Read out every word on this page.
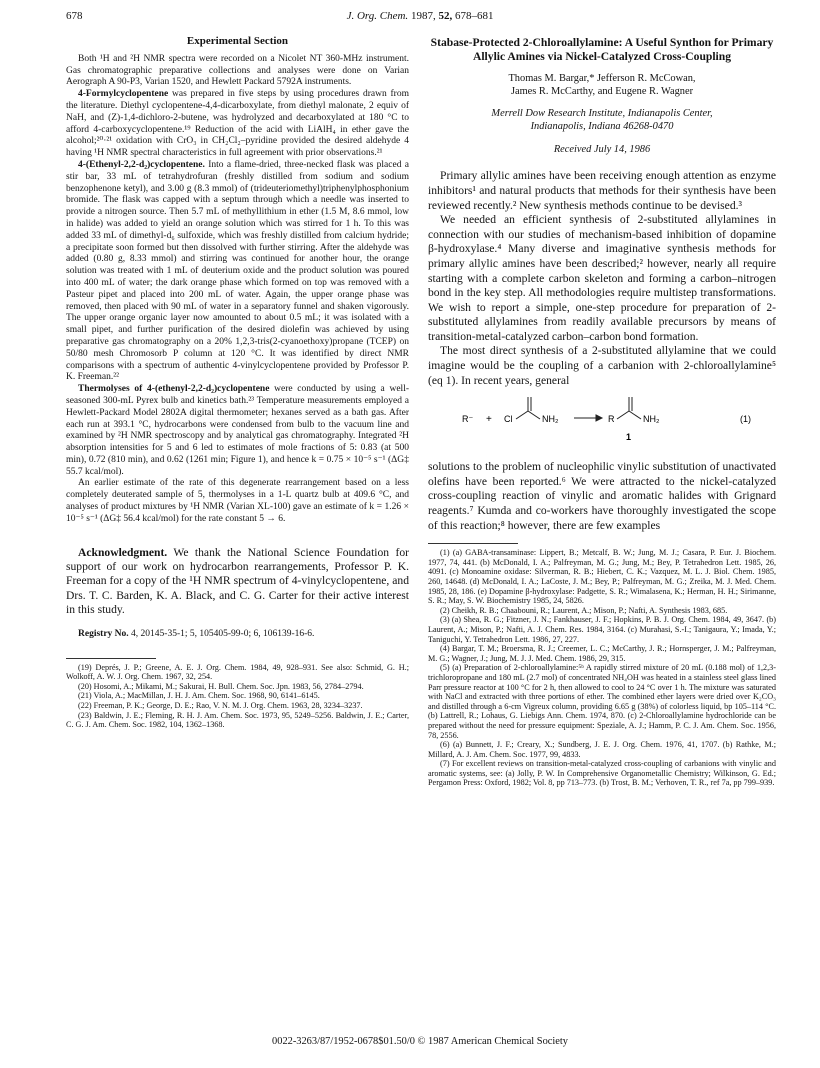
678	J. Org. Chem. 1987, 52, 678–681
Experimental Section

Both ¹H and ²H NMR spectra were recorded on a Nicolet NT 360-MHz instrument. Gas chromatographic preparative collections and analyses were done on Varian Aerograph A 90-P3, Varian 1520, and Hewlett Packard 5792A instruments.

4-Formylcyclopentene was prepared in five steps by using procedures drawn from the literature. Diethyl cyclopentene-4,4-dicarboxylate, from diethyl malonate, 2 equiv of NaH, and (Z)-1,4-dichloro-2-butene, was hydrolyzed and decarboxylated at 180 °C to afford 4-carboxycyclopentene.¹⁹ Reduction of the acid with LiAlH₄ in ether gave the alcohol;²⁰·²¹ oxidation with CrO₃ in CH₂Cl₂–pyridine provided the desired aldehyde 4 having ¹H NMR spectral characteristics in full agreement with prior observations.²¹

4-(Ethenyl-2,2-d₂)cyclopentene. Into a flame-dried, three-necked flask was placed a stir bar, 33 mL of tetrahydrofuran (freshly distilled from sodium and sodium benzophenone ketyl), and 3.00 g (8.3 mmol) of (trideuteriomethyl)triphenylphosphonium bromide. The flask was capped with a septum through which a needle was inserted to provide a nitrogen source. Then 5.7 mL of methyllithium in ether (1.5 M, 8.6 mmol, low in halide) was added to yield an orange solution which was stirred for 1 h. To this was added 33 mL of dimethyl-d₆ sulfoxide, which was freshly distilled from calcium hydride; a precipitate soon formed but then dissolved with further stirring. After the aldehyde was added (0.80 g, 8.33 mmol) and stirring was continued for another hour, the orange solution was treated with 1 mL of deuterium oxide and the product solution was poured into 400 mL of water; the dark orange phase which formed on top was removed with a Pasteur pipet and placed into 200 mL of water. Again, the upper orange phase was removed, then placed with 90 mL of water in a separatory funnel and shaken vigorously. The upper orange organic layer now amounted to about 0.5 mL; it was isolated with a small pipet, and further purification of the desired diolefin was achieved by using preparative gas chromatography on a 20% 1,2,3-tris(2-cyanoethoxy)propane (TCEP) on 50/80 mesh Chromosorb P column at 120 °C. It was identified by direct NMR comparisons with a spectrum of authentic 4-vinylcyclopentene provided by Professor P. K. Freeman.²²

Thermolyses of 4-(ethenyl-2,2-d₂)cyclopentene were conducted by using a well-seasoned 300-mL Pyrex bulb and kinetics bath.²³ Temperature measurements employed a Hewlett-Packard Model 2802A digital thermometer; hexanes served as a bath gas. After each run at 393.1 °C, hydrocarbons were condensed from bulb to the vacuum line and examined by ²H NMR spectroscopy and by analytical gas chromatography. Integrated ²H absorption intensities for 5 and 6 led to estimates of mole fractions of 5: 0.83 (at 500 min), 0.72 (810 min), and 0.62 (1261 min; Figure 1), and hence k = 0.75 × 10⁻⁵ s⁻¹ (ΔG‡ 55.7 kcal/mol).

An earlier estimate of the rate of this degenerate rearrangement based on a less completely deuterated sample of 5, thermolyses in a 1-L quartz bulb at 409.6 °C, and analyses of product mixtures by ¹H NMR (Varian XL-100) gave an estimate of k = 1.26 × 10⁻⁵ s⁻¹ (ΔG‡ 56.4 kcal/mol) for the rate constant 5 → 6.

Acknowledgment. We thank the National Science Foundation for support of our work on hydrocarbon rearrangements, Professor P. K. Freeman for a copy of the ¹H NMR spectrum of 4-vinylcyclopentene, and Drs. T. C. Barden, K. A. Black, and C. G. Carter for their active interest in this study.

Registry No. 4, 20145-35-1; 5, 105405-99-0; 6, 106139-16-6.

(19) Deprés, J. P.; Greene, A. E. J. Org. Chem. 1984, 49, 928–931. See also: Schmid, G. H.; Wolkoff, A. W. J. Org. Chem. 1967, 32, 254.
(20) Hosomi, A.; Mikami, M.; Sakurai, H. Bull. Chem. Soc. Jpn. 1983, 56, 2784–2794.
(21) Viola, A.; MacMillan, J. H. J. Am. Chem. Soc. 1968, 90, 6141–6145.
(22) Freeman, P. K.; George, D. E.; Rao, V. N. M. J. Org. Chem. 1963, 28, 3234–3237.
(23) Baldwin, J. E.; Fleming, R. H. J. Am. Chem. Soc. 1973, 95, 5249–5256. Baldwin, J. E.; Carter, C. G. J. Am. Chem. Soc. 1982, 104, 1362–1368.
Stabase-Protected 2-Chloroallylamine: A Useful Synthon for Primary Allylic Amines via Nickel-Catalyzed Cross-Coupling
Thomas M. Bargar,* Jefferson R. McCowan,
James R. McCarthy, and Eugene R. Wagner
Merrell Dow Research Institute, Indianapolis Center,
Indianapolis, Indiana 46268-0470
Received July 14, 1986

Primary allylic amines have been receiving enough attention as enzyme inhibitors¹ and natural products that methods for their synthesis have been reviewed recently.² New synthesis methods continue to be devised.³

We needed an efficient synthesis of 2-substituted allylamines in connection with our studies of mechanism-based inhibition of dopamine β-hydroxylase.⁴ Many diverse and imaginative synthesis methods for primary allylic amines have been described;² however, nearly all require starting with a complete carbon skeleton and forming a carbon–nitrogen bond in the key step. All methodologies require multistep transformations. We wish to report a simple, one-step procedure for preparation of 2-substituted allylamines from readily available precursors by means of transition-metal-catalyzed carbon–carbon bond formation.

The most direct synthesis of a 2-substituted allylamine that we could imagine would be the coupling of a carbanion with 2-chloroallylamine⁵ (eq 1). In recent years, general

R⁻ + Cl	NH₂	R	NH₂	(1)
1

solutions to the problem of nucleophilic vinylic substitution of unactivated olefins have been reported.⁶ We were attracted to the nickel-catalyzed cross-coupling reaction of vinylic and aromatic halides with Grignard reagents.⁷ Kumda and co-workers have thoroughly investigated the scope of this reaction;⁸ however, there are few examples

(1) (a) GABA-transaminase: Lippert, B.; Metcalf, B. W.; Jung, M. J.; Casara, P. Eur. J. Biochem. 1977, 74, 441. (b) McDonald, I. A.; Palfreyman, M. G.; Jung, M.; Bey, P. Tetrahedron Lett. 1985, 26, 4091. (c) Monoamine oxidase: Silverman, R. B.; Hiebert, C. K.; Vazquez, M. L. J. Biol. Chem. 1985, 260, 14648. (d) McDonald, I. A.; LaCoste, J. M.; Bey, P.; Palfreyman, M. G.; Zreika, M. J. Med. Chem. 1985, 28, 186. (e) Dopamine β-hydroxylase: Padgette, S. R.; Wimalasena, K.; Herman, H. H.; Sirimanne, S. R.; May, S. W. Biochemistry 1985, 24, 5826.
(2) Cheikh, R. B.; Chaabouni, R.; Laurent, A.; Mison, P.; Nafti, A. Synthesis 1983, 685.
(3) (a) Shea, R. G.; Fitzner, J. N.; Fankhauser, J. F.; Hopkins, P. B. J. Org. Chem. 1984, 49, 3647. (b) Laurent, A.; Mison, P.; Nafti, A. J. Chem. Res. 1984, 3164. (c) Murahasi, S.-I.; Tanigaura, Y.; Imada, Y.; Taniguchi, Y. Tetrahedron Lett. 1986, 27, 227.
(4) Bargar, T. M.; Broersma, R. J.; Creemer, L. C.; McCarthy, J. R.; Hornsperger, J. M.; Palfreyman, M. G.; Wagner, J.; Jung, M. J. J. Med. Chem. 1986, 29, 315.
(5) (a) Preparation of 2-chloroallylamine:⁵ᵇ A rapidly stirred mixture of 20 mL (0.188 mol) of 1,2,3-trichloropropane and 180 mL (2.7 mol) of concentrated NH₄OH was heated in a stainless steel glass lined Parr pressure reactor at 100 °C for 2 h, then allowed to cool to 24 °C over 1 h. The mixture was saturated with NaCl and extracted with three portions of ether. The combined ether layers were dried over K₂CO₃ and distilled through a 6-cm Vigreux column, providing 6.65 g (38%) of colorless liquid, bp 105–114 °C. (b) Lattrell, R.; Lohaus, G. Liebigs Ann. Chem. 1974, 870. (c) 2-Chloroallylamine hydrochloride can be prepared without the need for pressure equipment: Speziale, A. J.; Hamm, P. C. J. Am. Chem. Soc. 1956, 78, 2556.
(6) (a) Bunnett, J. F.; Creary, X.; Sundberg, J. E. J. Org. Chem. 1976, 41, 1707. (b) Rathke, M.; Millard, A. J. Am. Chem. Soc. 1977, 99, 4833.
(7) For excellent reviews on transition-metal-catalyzed cross-coupling of carbanions with vinylic and aromatic systems, see: (a) Jolly, P. W. In Comprehensive Organometallic Chemistry; Wilkinson, G. Ed.; Pergamon Press: Oxford, 1982; Vol. 8, pp 713–773. (b) Trost, B. M.; Verhoven, T. R., ref 7a, pp 799–939.
0022-3263/87/1952-0678$01.50/0 © 1987 American Chemical Society
